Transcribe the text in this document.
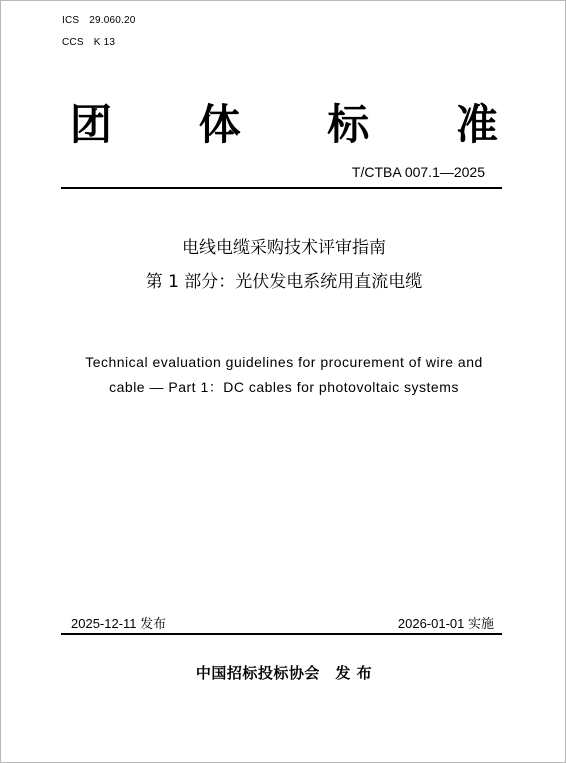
ICS 29.060.20
CCS K 13
团 体 标 准
T/CTBA 007.1—2025
电线电缆采购技术评审指南
第 1 部分：光伏发电系统用直流电缆
Technical evaluation guidelines for procurement of wire and
cable — Part 1：DC cables for photovoltaic systems
2025-12-11 发布	2026-01-01 实施
中国招标投标协会　发 布
